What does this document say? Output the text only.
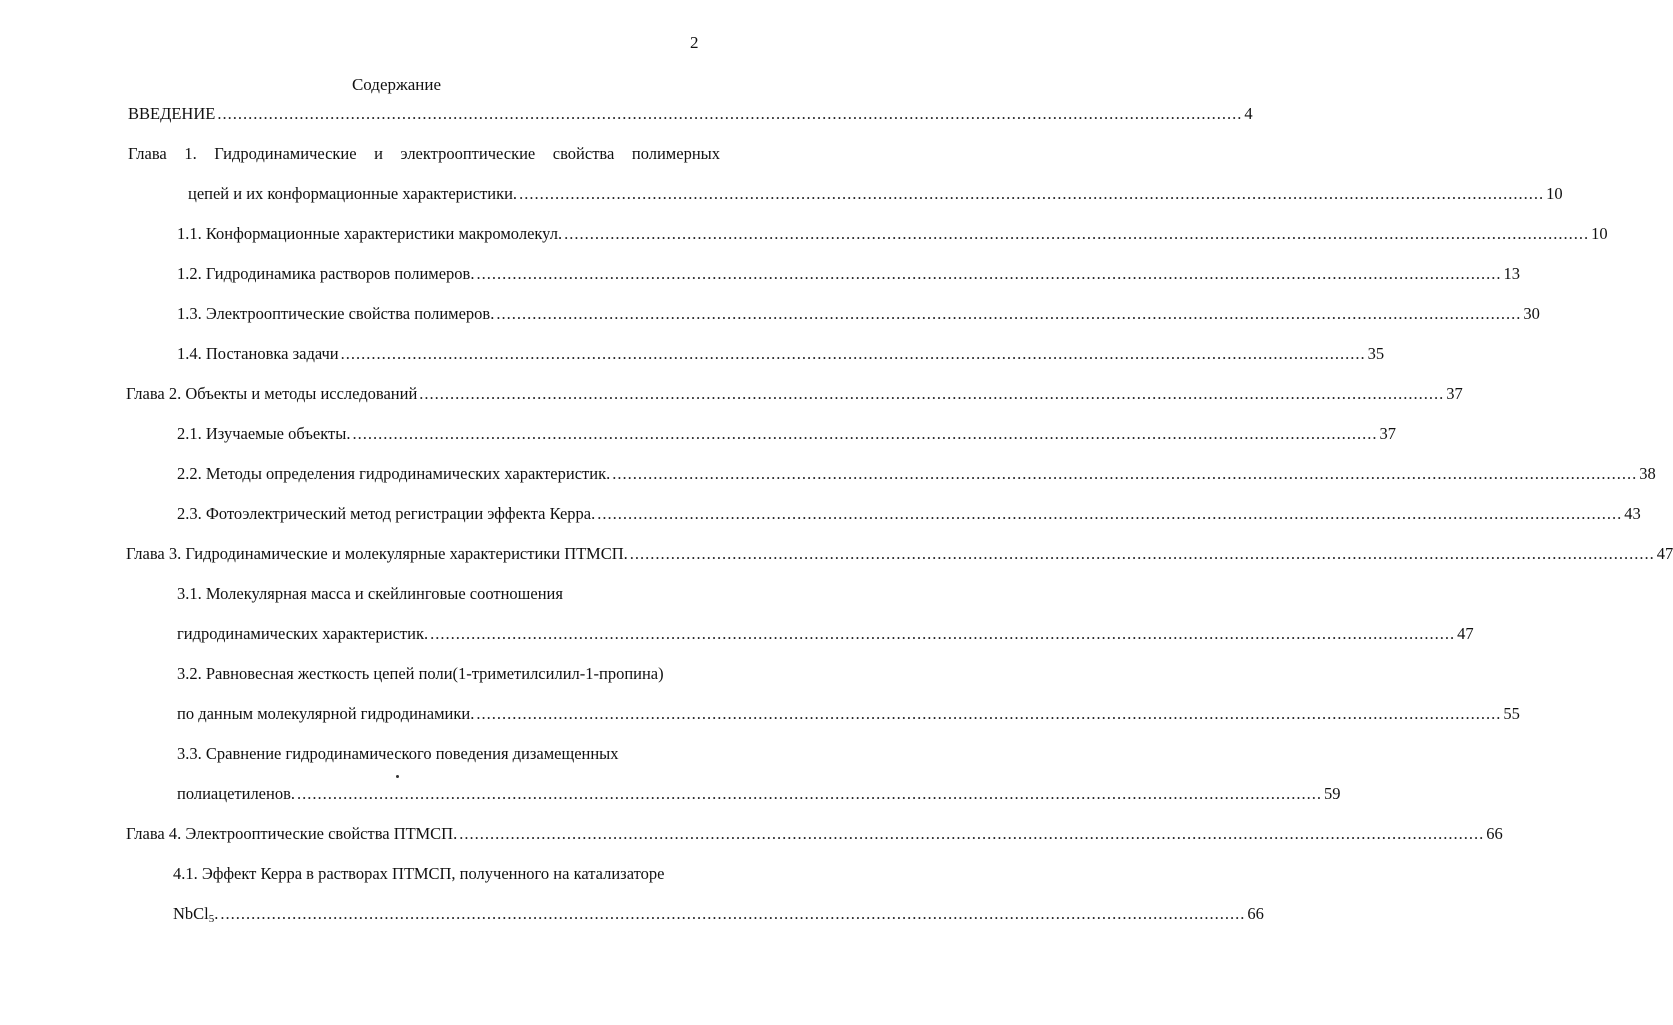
2
Содержание
ВВЕДЕНИЕ ........................................................................................................................................................................................................ 4
Глава 1. Гидродинамические и электрооптические свойства полимерных
цепей и их конформационные характеристики. ........................................................................................................................................................................................................ 10
1.1. Конформационные характеристики макромолекул. ........................................................................................................................................................................................................ 10
1.2. Гидродинамика растворов полимеров. ........................................................................................................................................................................................................ 13
1.3. Электрооптические свойства полимеров. ........................................................................................................................................................................................................ 30
1.4. Постановка задачи ........................................................................................................................................................................................................ 35
Глава 2. Объекты и методы исследований ........................................................................................................................................................................................................ 37
2.1. Изучаемые объекты. ........................................................................................................................................................................................................ 37
2.2. Методы определения гидродинамических характеристик. ........................................................................................................................................................................................................ 38
2.3. Фотоэлектрический метод регистрации эффекта Керра. ........................................................................................................................................................................................................ 43
Глава 3. Гидродинамические и молекулярные характеристики ПТМСП. ........................................................................................................................................................................................................ 47
3.1. Молекулярная масса и скейлинговые соотношения
гидродинамических характеристик. ........................................................................................................................................................................................................ 47
3.2. Равновесная жесткость цепей поли(1-триметилсилил-1-пропина)
по данным молекулярной гидродинамики. ........................................................................................................................................................................................................ 55
3.3. Сравнение гидродинамического поведения дизамещенных
полиацетиленов. ........................................................................................................................................................................................................ 59
Глава 4. Электрооптические свойства ПТМСП. ........................................................................................................................................................................................................ 66
4.1. Эффект Керра в растворах ПТМСП, полученного на катализаторе
NbCl$_5$. ........................................................................................................................................................................................................ 66
